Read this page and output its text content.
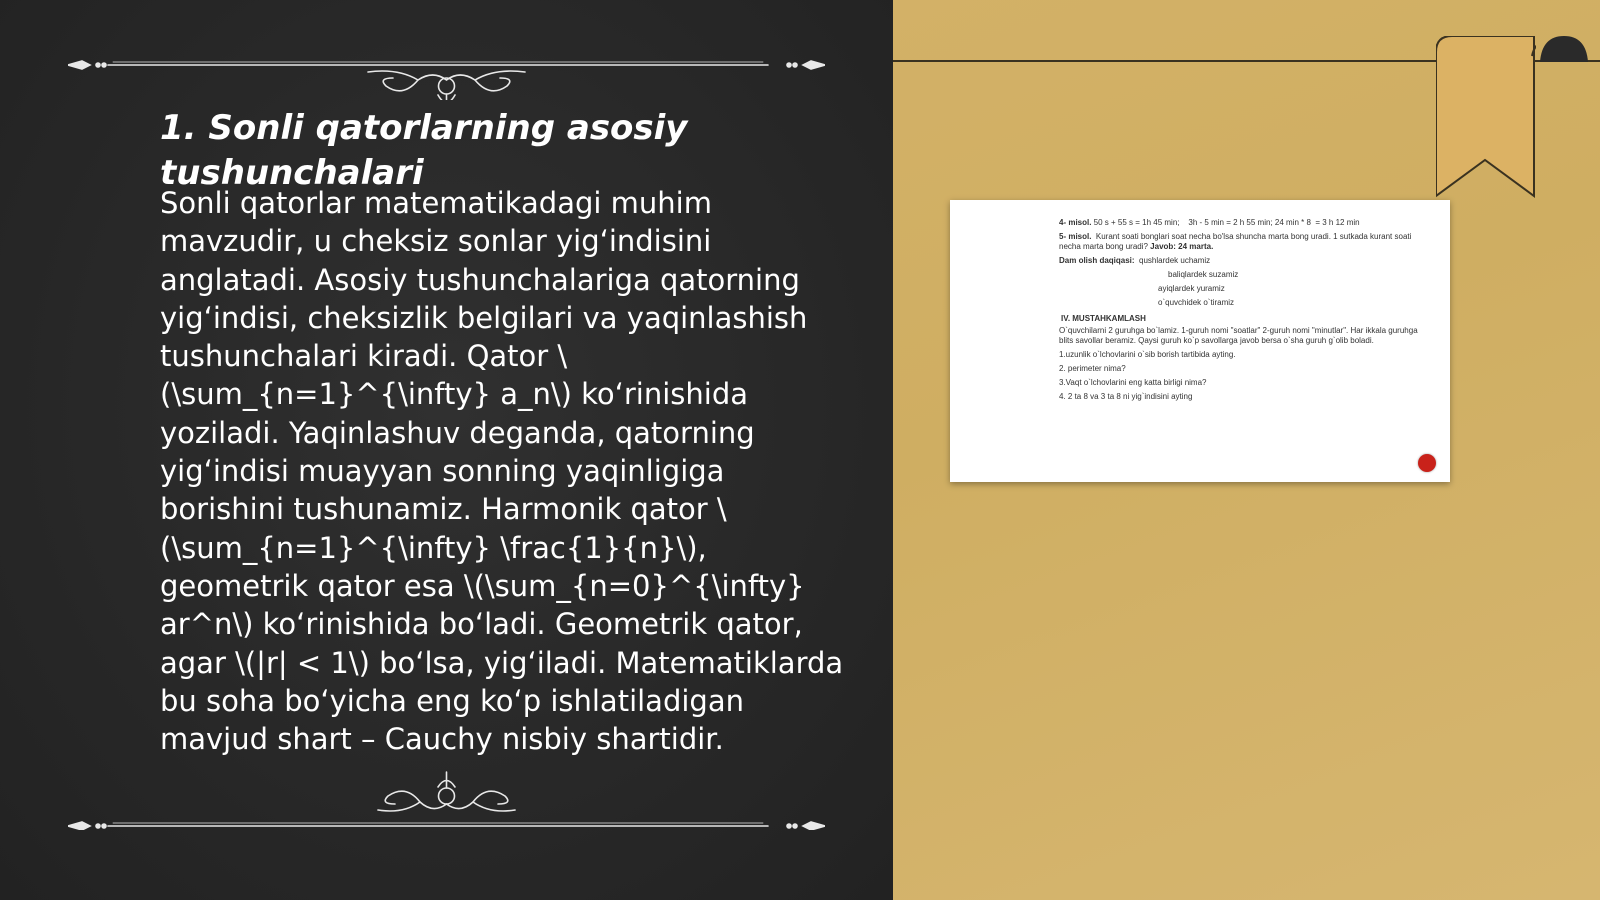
1. Sonli qatorlarning asosiy tushunchalari

Sonli qatorlar matematikadagi muhim mavzudir, u cheksiz sonlar yig‘indisini anglatadi. Asosiy tushunchalariga qatorning yig‘indisi, cheksizlik belgilari va yaqinlashish tushunchalari kiradi. Qator \(\sum_{n=1}^{\infty} a_n\) ko‘rinishida yoziladi. Yaqinlashuv deganda, qatorning yig‘indisi muayyan sonning yaqinligiga borishini tushunamiz. Harmonik qator \(\sum_{n=1}^{\infty} \frac{1}{n}\), geometrik qator esa \(\sum_{n=0}^{\infty} ar^n\) ko‘rinishida bo‘ladi. Geometrik qator, agar \(|r| < 1\) bo‘lsa, yig‘iladi. Matematiklarda bu soha bo‘yicha eng ko‘p ishlatiladigan mavjud shart – Cauchy nisbiy shartidir.

4- misol. 50 s + 55 s = 1h 45 min;    3h - 5 min = 2 h 55 min; 24 min * 8  = 3 h 12 min

5- misol.  Kurant soati bonglari soat necha bo'lsa shuncha marta bong uradi. 1 sutkada kurant soati necha marta bong uradi? Javob: 24 marta.

Dam olish daqiqasi:  qushlardek uchamiz

baliqlardek suzamiz

ayiqlardek yuramiz

o`quvchidek o`tiramiz

IV. MUSTAHKAMLASH

O`quvchilarni 2 guruhga bo`lamiz. 1-guruh nomi "soatlar" 2-guruh nomi "minutlar". Har ikkala guruhga blits savollar beramiz. Qaysi guruh ko`p savollarga javob bersa o`sha guruh g`olib boladi.

1.uzunlik o`lchovlarini o`sib borish tartibida ayting.

2. perimeter nima?

3.Vaqt o`lchovlarini eng katta birligi nima?

4. 2 ta 8 va 3 ta 8 ni yig`indisini ayting
